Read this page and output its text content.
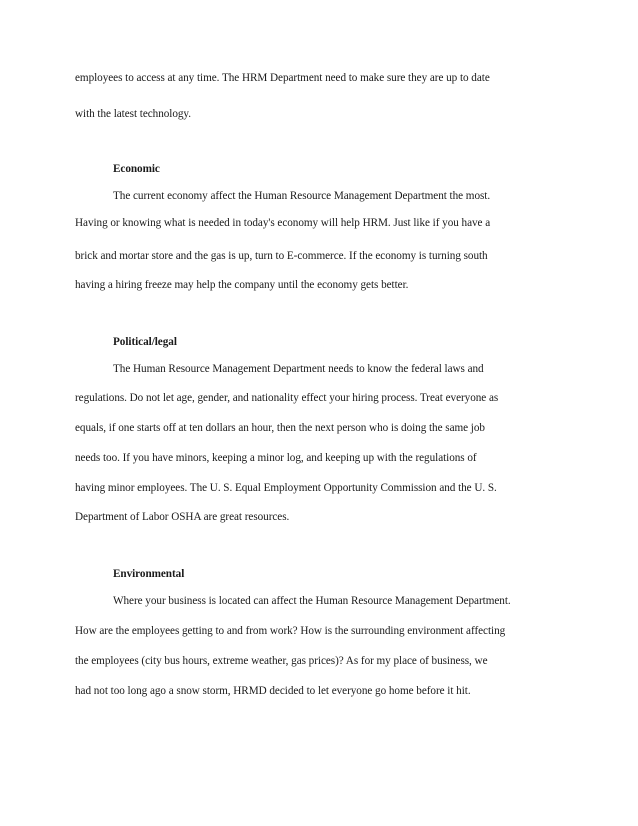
employees to access at any time. The HRM Department need to make sure they are up to date
with the latest technology.
Economic
The current economy affect the Human Resource Management Department the most.
Having or knowing what is needed in today's economy will help HRM. Just like if you have a
brick and mortar store and the gas is up, turn to E-commerce. If the economy is turning south
having a hiring freeze may help the company until the economy gets better.
Political/legal
The Human Resource Management Department needs to know the federal laws and
regulations. Do not let age, gender, and nationality effect your hiring process. Treat everyone as
equals, if one starts off at ten dollars an hour, then the next person who is doing the same job
needs too. If you have minors, keeping a minor log, and keeping up with the regulations of
having minor employees. The U. S. Equal Employment Opportunity Commission and the U. S.
Department of Labor OSHA are great resources.
Environmental
Where your business is located can affect the Human Resource Management Department.
How are the employees getting to and from work? How is the surrounding environment affecting
the employees (city bus hours, extreme weather, gas prices)? As for my place of business, we
had not too long ago a snow storm, HRMD decided to let everyone go home before it hit.
